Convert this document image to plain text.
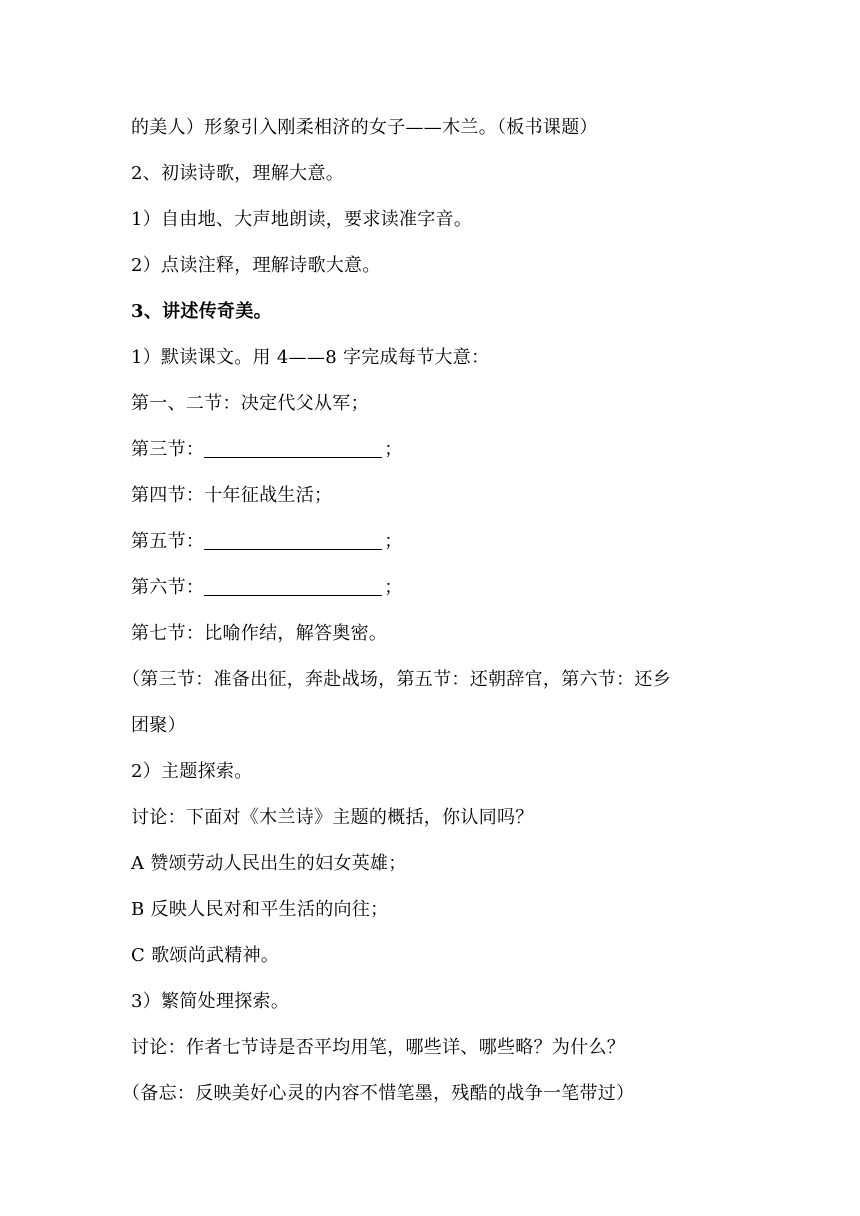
的美人）形象引入刚柔相济的女子——木兰。（板书课题）
2、初读诗歌，理解大意。
1）自由地、大声地朗读，要求读准字音。
2）点读注释，理解诗歌大意。
3、讲述传奇美。
1）默读课文。用 4——8 字完成每节大意：
第一、二节：决定代父从军；
第三节：	；
第四节：十年征战生活；
第五节：	；
第六节：	；
第七节：比喻作结，解答奥密。
（第三节：准备出征，奔赴战场，第五节：还朝辞官，第六节：还乡
团聚）
2）主题探索。
讨论：下面对《木兰诗》主题的概括，你认同吗？
A 赞颂劳动人民出生的妇女英雄；
B 反映人民对和平生活的向往；
C 歌颂尚武精神。
3）繁简处理探索。
讨论：作者七节诗是否平均用笔，哪些详、哪些略？为什么？
（备忘：反映美好心灵的内容不惜笔墨，残酷的战争一笔带过）
